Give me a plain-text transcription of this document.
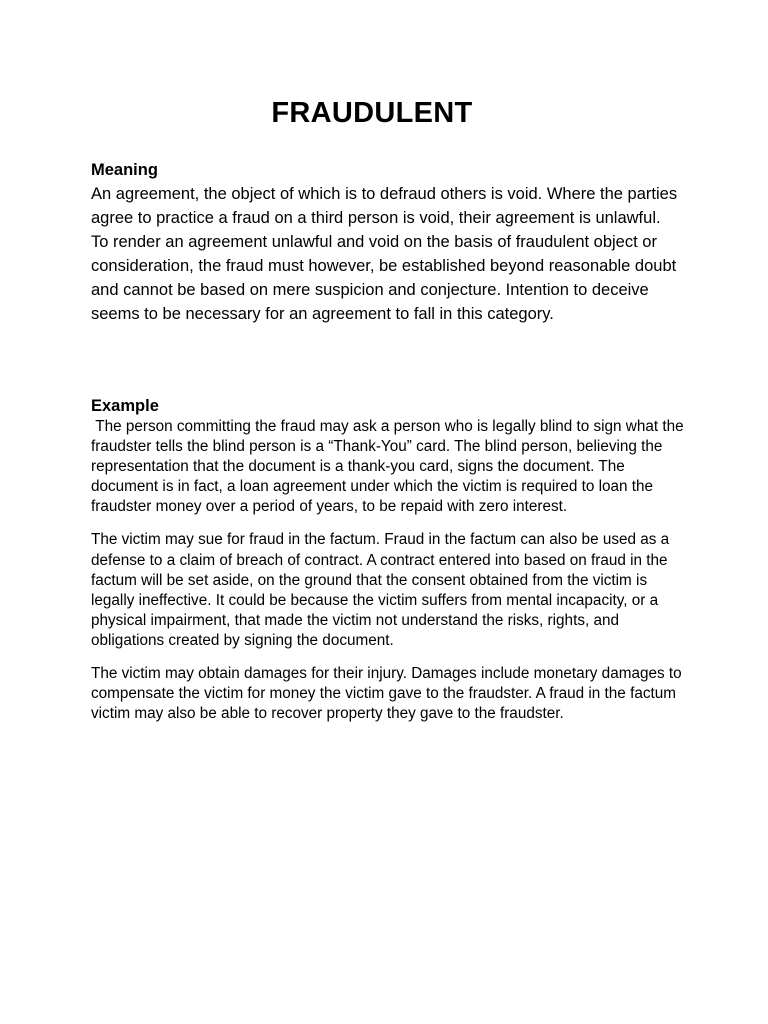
FRAUDULENT
Meaning

An agreement, the object of which is to defraud others is void. Where the parties agree to practice a fraud on a third person is void, their agreement is unlawful.

To render an agreement unlawful and void on the basis of fraudulent object or consideration, the fraud must however, be established beyond reasonable doubt and cannot be based on mere suspicion and conjecture. Intention to deceive seems to be necessary for an agreement to fall in this category.

Example

The person committing the fraud may ask a person who is legally blind to sign what the fraudster tells the blind person is a “Thank-You” card. The blind person, believing the representation that the document is a thank-you card, signs the document. The document is in fact, a loan agreement under which the victim is required to loan the fraudster money over a period of years, to be repaid with zero interest.

The victim may sue for fraud in the factum. Fraud in the factum can also be used as a defense to a claim of breach of contract. A contract entered into based on fraud in the factum will be set aside, on the ground that the consent obtained from the victim is legally ineffective. It could be because the victim suffers from mental incapacity, or a physical impairment, that made the victim not understand the risks, rights, and obligations created by signing the document.

The victim may obtain damages for their injury. Damages include monetary damages to compensate the victim for money the victim gave to the fraudster. A fraud in the factum victim may also be able to recover property they gave to the fraudster.
